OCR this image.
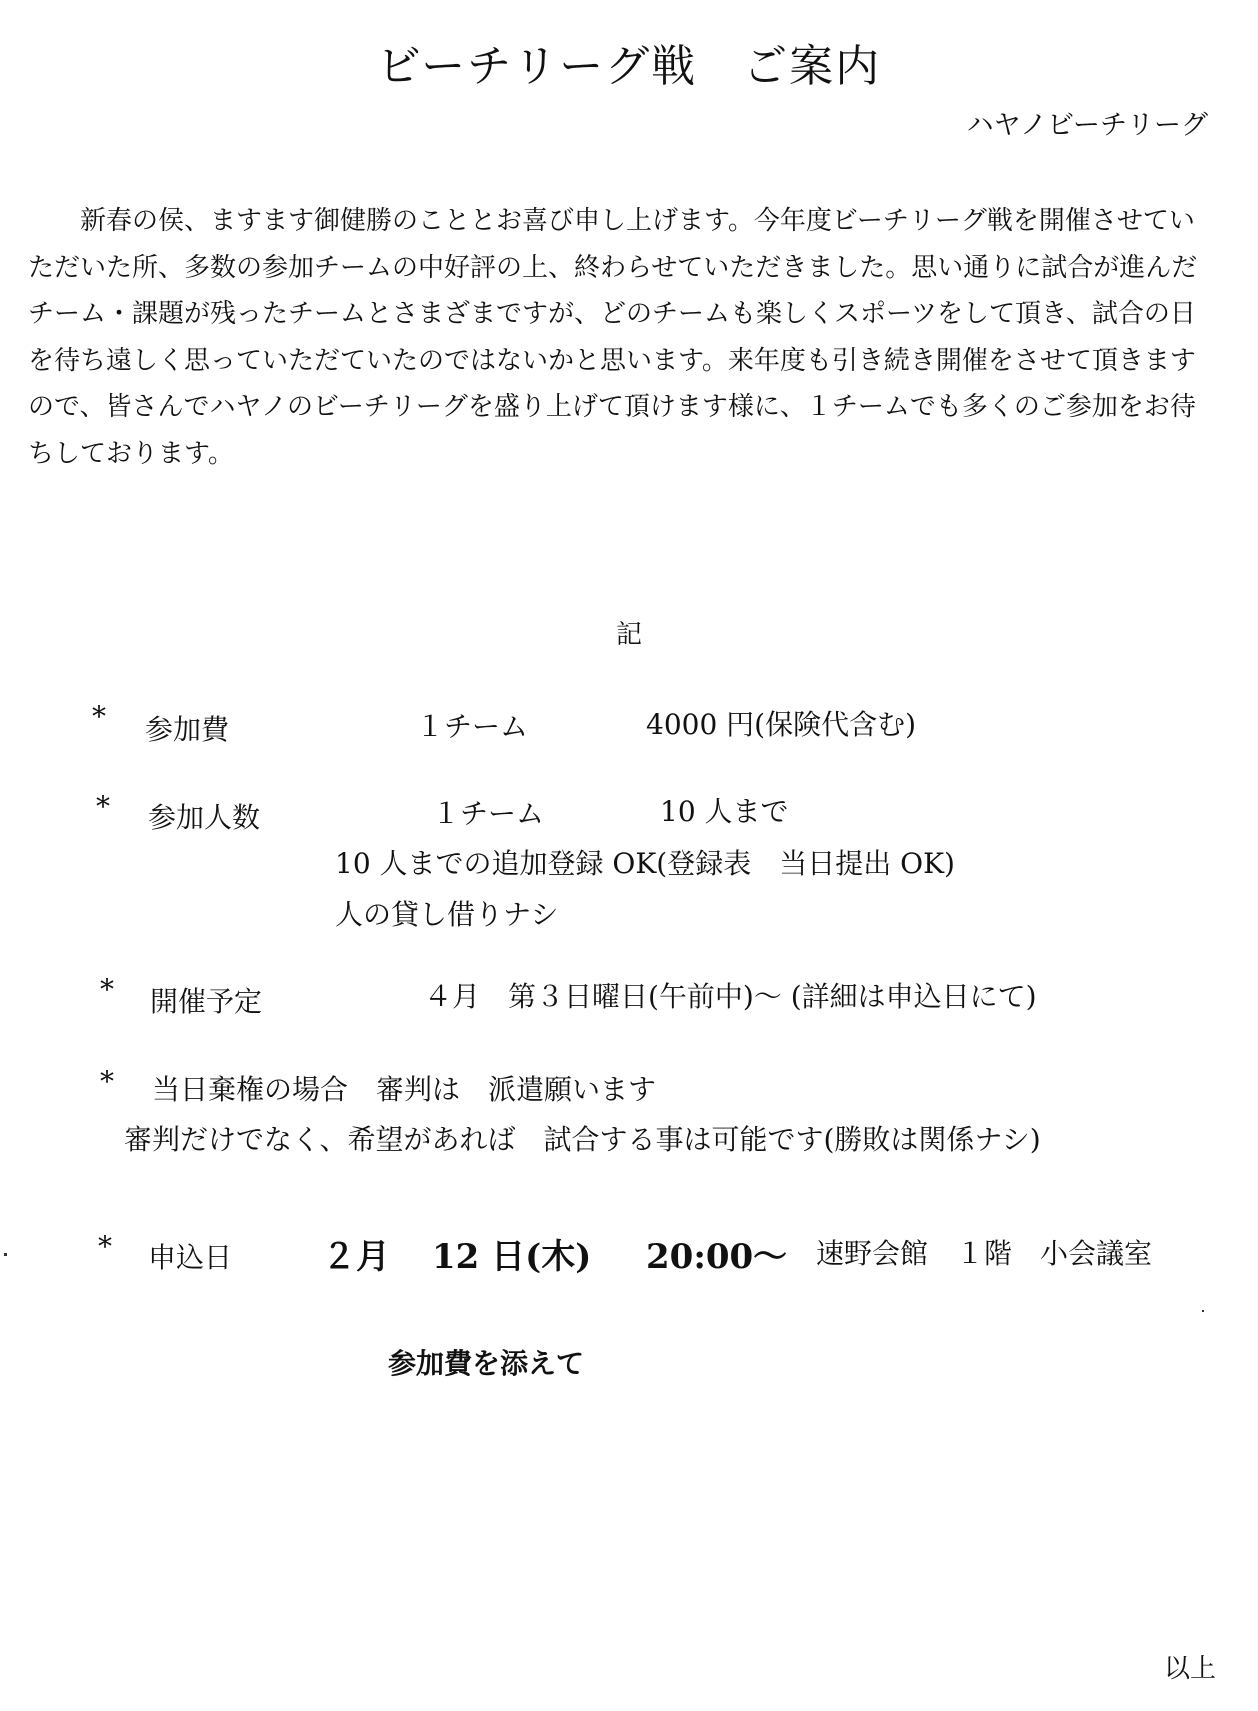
ビーチリーグ戦　ご案内
ハヤノビーチリーグ
新春の侯、ますます御健勝のこととお喜び申し上げます。今年度ビーチリーグ戦を開催させていただいた所、多数の参加チームの中好評の上、終わらせていただきました。思い通りに試合が進んだチーム・課題が残ったチームとさまざまですが、どのチームも楽しくスポーツをして頂き、試合の日を待ち遠しく思っていただていたのではないかと思います。来年度も引き続き開催をさせて頂きますので、皆さんでハヤノのビーチリーグを盛り上げて頂けます様に、１チームでも多くのご参加をお待ちしております。
記
* 参加費	１チーム	4000 円(保険代含む)
* 参加人数	１チーム	10 人まで
10 人までの追加登録 OK(登録表　当日提出 OK)
人の貸し借りナシ
* 開催予定	４月　第３日曜日(午前中)～ (詳細は申込日にて)
* 当日棄権の場合　審判は　派遣願います
審判だけでなく、希望があれば　試合する事は可能です(勝敗は関係ナシ)
* 申込日	２月 12 日(木) 20:00～ 速野会館　１階　小会議室
参加費を添えて
以上
